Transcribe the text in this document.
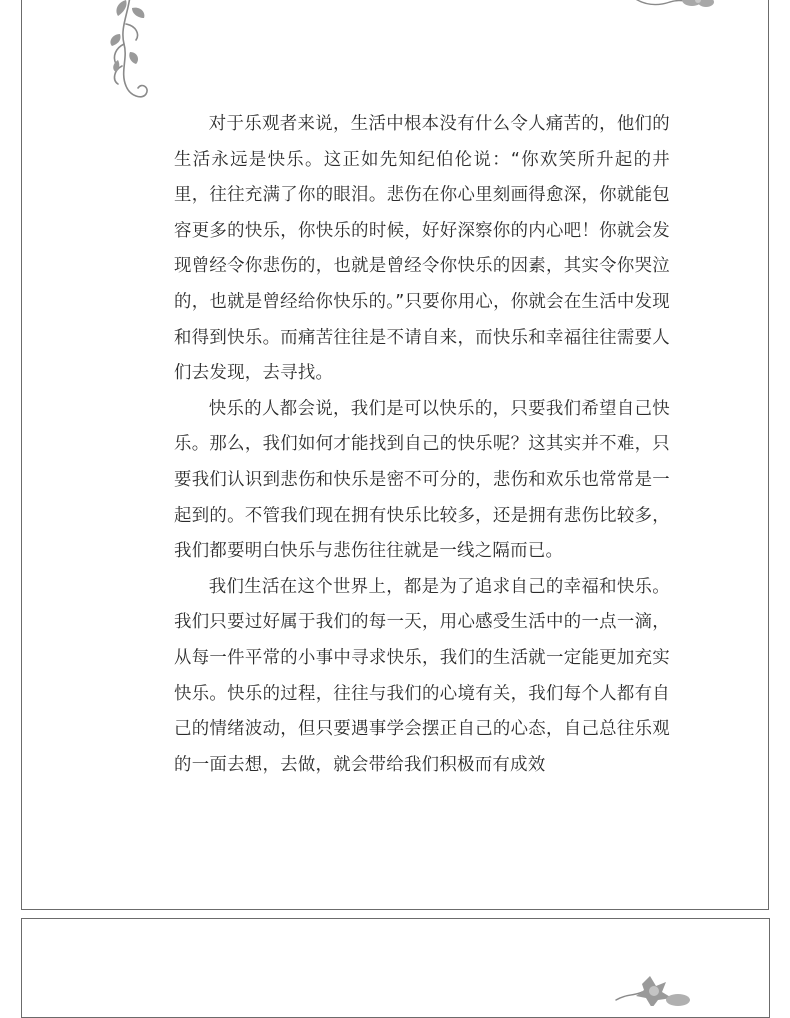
对于乐观者来说，生活中根本没有什么令人痛苦的，他们的生活永远是快乐。这正如先知纪伯伦说：“你欢笑所升起的井里，往往充满了你的眼泪。悲伤在你心里刻画得愈深，你就能包容更多的快乐，你快乐的时候，好好深察你的内心吧！你就会发现曾经令你悲伤的，也就是曾经令你快乐的因素，其实令你哭泣的，也就是曾经给你快乐的。”只要你用心，你就会在生活中发现和得到快乐。而痛苦往往是不请自来，而快乐和幸福往往需要人们去发现，去寻找。

快乐的人都会说，我们是可以快乐的，只要我们希望自己快乐。那么，我们如何才能找到自己的快乐呢？这其实并不难，只要我们认识到悲伤和快乐是密不可分的，悲伤和欢乐也常常是一起到的。不管我们现在拥有快乐比较多，还是拥有悲伤比较多，我们都要明白快乐与悲伤往往就是一线之隔而已。

我们生活在这个世界上，都是为了追求自己的幸福和快乐。我们只要过好属于我们的每一天，用心感受生活中的一点一滴，从每一件平常的小事中寻求快乐，我们的生活就一定能更加充实快乐。快乐的过程，往往与我们的心境有关，我们每个人都有自己的情绪波动，但只要遇事学会摆正自己的心态，自己总往乐观的一面去想，去做，就会带给我们积极而有成效
